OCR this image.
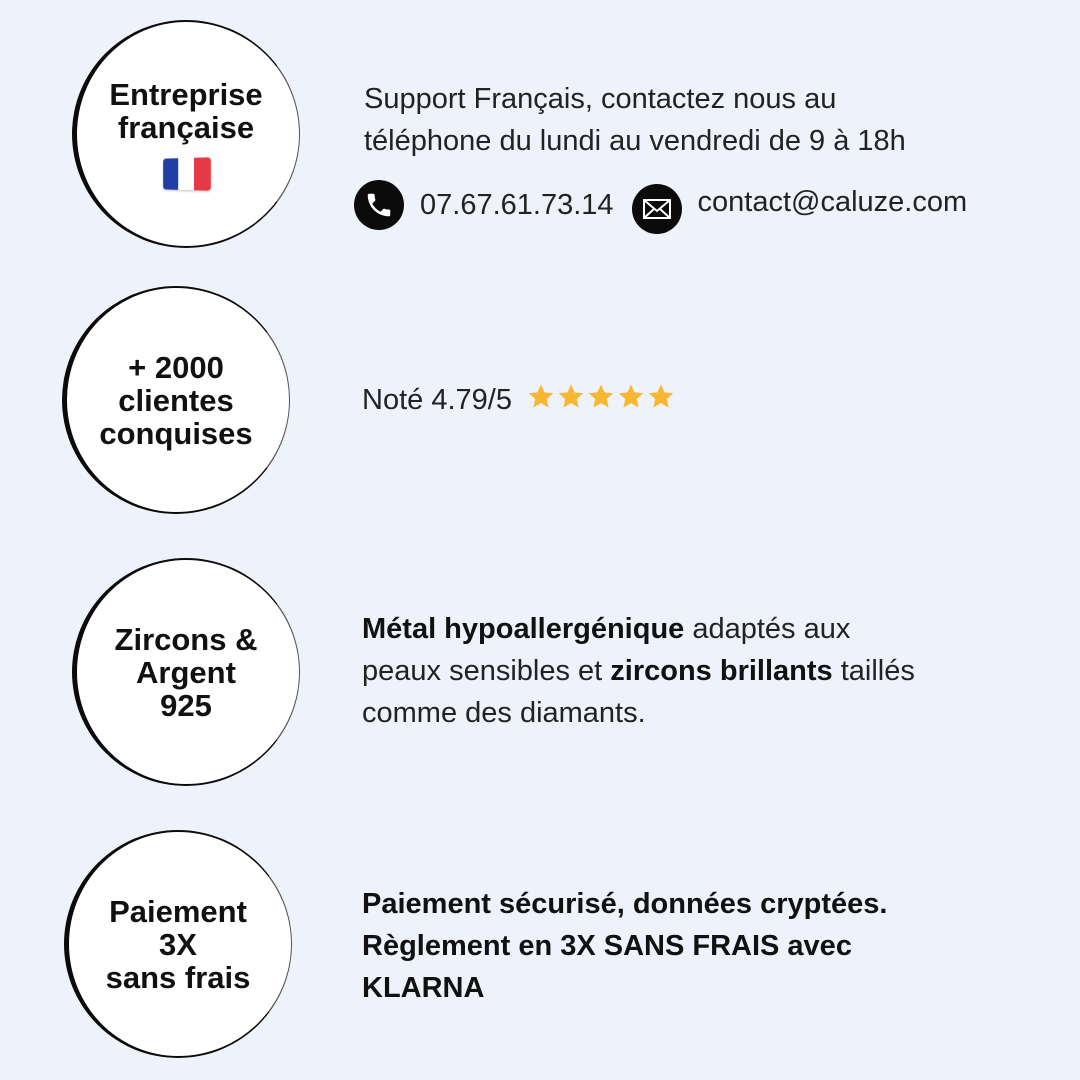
Entreprise
française
Support Français, contactez nous au
téléphone du lundi au vendredi de 9 à 18h
07.67.61.73.14	contact@caluze.com
+ 2000
clientes
conquises
Noté 4.79/5
Zircons &
Argent
925
Métal hypoallergénique adaptés aux
peaux sensibles et zircons brillants taillés
comme des diamants.
Paiement
3X
sans frais
Paiement sécurisé, données cryptées.
Règlement en 3X SANS FRAIS avec
KLARNA
